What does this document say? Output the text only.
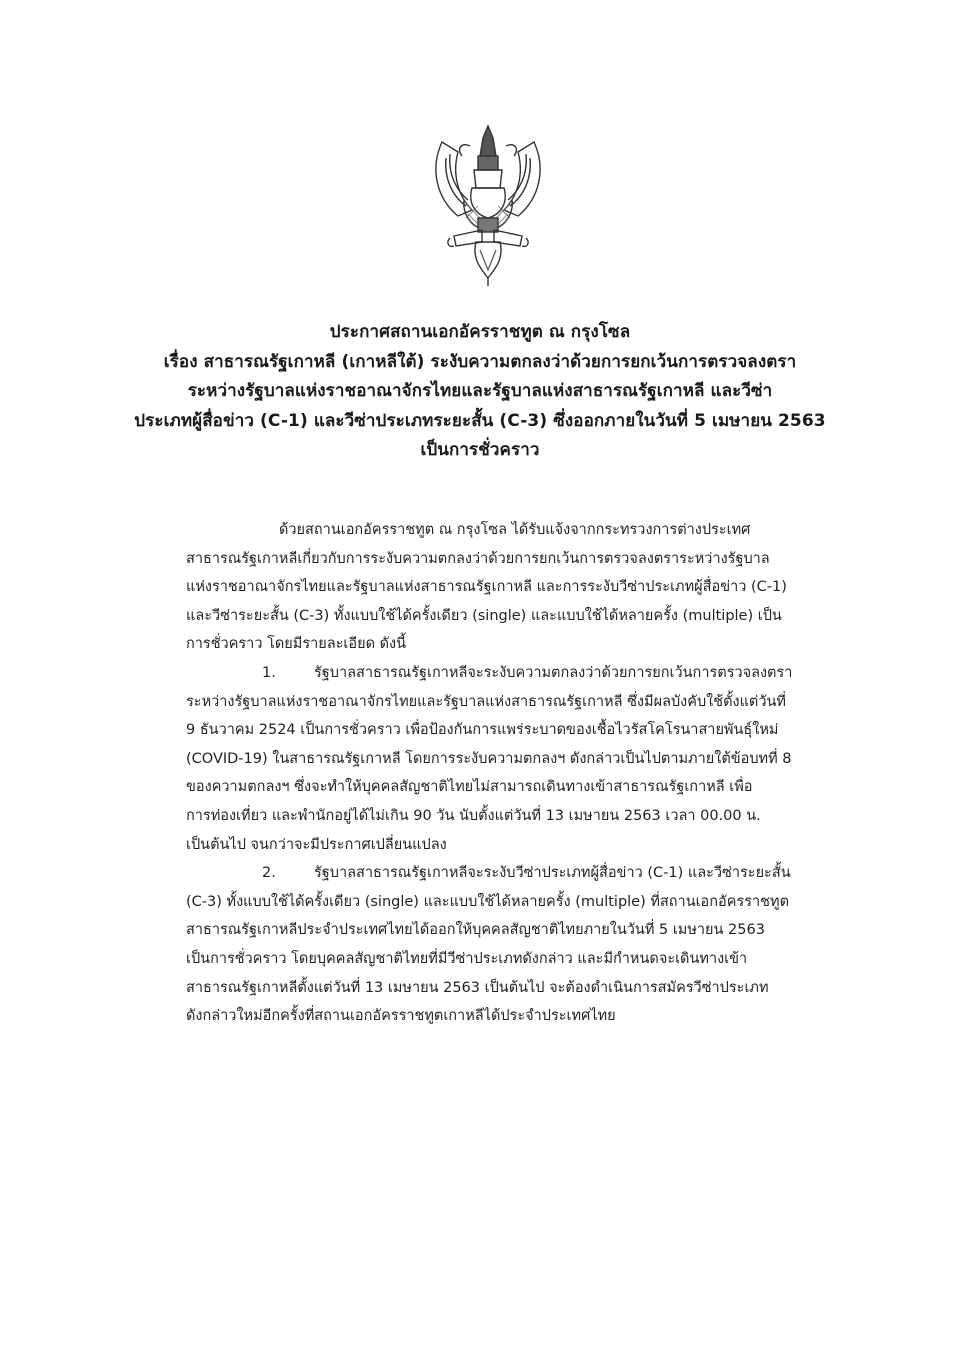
ประกาศสถานเอกอัครราชทูต ณ กรุงโซล
เรื่อง สาธารณรัฐเกาหลี (เกาหลีใต้) ระงับความตกลงว่าด้วยการยกเว้นการตรวจลงตรา
ระหว่างรัฐบาลแห่งราชอาณาจักรไทยและรัฐบาลแห่งสาธารณรัฐเกาหลี และวีซ่า
ประเภทผู้สื่อข่าว (C-1) และวีซ่าประเภทระยะสั้น (C-3) ซึ่งออกภายในวันที่ 5 เมษายน 2563
เป็นการชั่วคราว
ด้วยสถานเอกอัครราชทูต ณ กรุงโซล ได้รับแจ้งจากกระทรวงการต่างประเทศ
สาธารณรัฐเกาหลีเกี่ยวกับการระงับความตกลงว่าด้วยการยกเว้นการตรวจลงตราระหว่างรัฐบาล
แห่งราชอาณาจักรไทยและรัฐบาลแห่งสาธารณรัฐเกาหลี และการระงับวีซ่าประเภทผู้สื่อข่าว (C-1)
และวีซ่าระยะสั้น (C-3) ทั้งแบบใช้ได้ครั้งเดียว (single) และแบบใช้ได้หลายครั้ง (multiple) เป็น
การชั่วคราว โดยมีรายละเอียด ดังนี้
1.	รัฐบาลสาธารณรัฐเกาหลีจะระงับความตกลงว่าด้วยการยกเว้นการตรวจลงตรา
ระหว่างรัฐบาลแห่งราชอาณาจักรไทยและรัฐบาลแห่งสาธารณรัฐเกาหลี ซึ่งมีผลบังคับใช้ตั้งแต่วันที่
9 ธันวาคม 2524 เป็นการชั่วคราว เพื่อป้องกันการแพร่ระบาดของเชื้อไวรัสโคโรนาสายพันธุ์ใหม่
(COVID-19) ในสาธารณรัฐเกาหลี โดยการระงับความตกลงฯ ดังกล่าวเป็นไปตามภายใต้ข้อบทที่ 8
ของความตกลงฯ ซึ่งจะทำให้บุคคลสัญชาติไทยไม่สามารถเดินทางเข้าสาธารณรัฐเกาหลี เพื่อ
การท่องเที่ยว และพำนักอยู่ได้ไม่เกิน 90 วัน นับตั้งแต่วันที่ 13 เมษายน 2563 เวลา 00.00 น.
เป็นต้นไป จนกว่าจะมีประกาศเปลี่ยนแปลง
2.	รัฐบาลสาธารณรัฐเกาหลีจะระงับวีซ่าประเภทผู้สื่อข่าว (C-1) และวีซ่าระยะสั้น
(C-3) ทั้งแบบใช้ได้ครั้งเดียว (single) และแบบใช้ได้หลายครั้ง (multiple) ที่สถานเอกอัครราชทูต
สาธารณรัฐเกาหลีประจำประเทศไทยได้ออกให้บุคคลสัญชาติไทยภายในวันที่ 5 เมษายน 2563
เป็นการชั่วคราว โดยบุคคลสัญชาติไทยที่มีวีซ่าประเภทดังกล่าว และมีกำหนดจะเดินทางเข้า
สาธารณรัฐเกาหลีตั้งแต่วันที่ 13 เมษายน 2563 เป็นต้นไป จะต้องดำเนินการสมัครวีซ่าประเภท
ดังกล่าวใหม่อีกครั้งที่สถานเอกอัครราชทูตเกาหลีได้ประจำประเทศไทย
